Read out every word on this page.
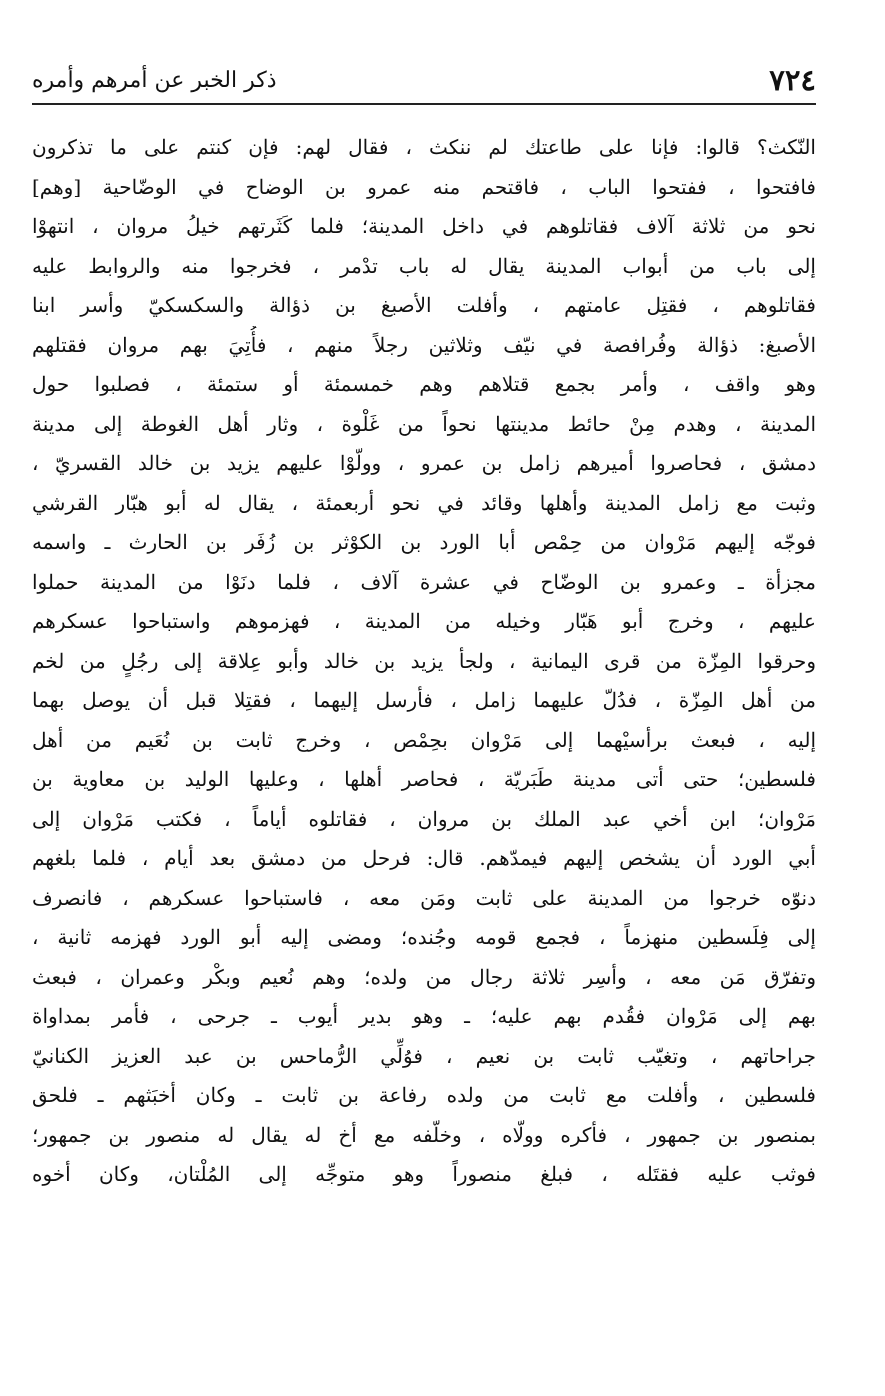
٧٢٤
ذكر الخبر عن أمرهم وأمره
النّكث؟ قالوا: فإنا على طاعتك لم ننكث ، فقال لهم: فإن كنتم على ما تذكرون
فافتحوا ، ففتحوا الباب ، فاقتحم منه عمرو بن الوضاح في الوضّاحية [وهم]
نحو من ثلاثة آلاف فقاتلوهم في داخل المدينة؛ فلما كَثَرتهم خيلُ مروان ، انتهوْا
إلى باب من أبواب المدينة يقال له باب تدْمر ، فخرجوا منه والروابط عليه
فقاتلوهم ، فقتِل عامتهم ، وأفلت الأصبغ بن ذؤالة والسكسكيّ وأسر ابنا
الأصبغ: ذؤالة وفُرافصة في نيّف وثلاثين رجلاً منهم ، فأُتِيَ بهم مروان فقتلهم
وهو واقف ، وأمر بجمع قتلاهم وهم خمسمئة أو ستمئة ، فصلبوا حول
المدينة ، وهدم مِنْ حائط مدينتها نحواً من غَلْوة ، وثار أهل الغوطة إلى مدينة
دمشق ، فحاصروا أميرهم زامل بن عمرو ، وولّوْا عليهم يزيد بن خالد القسريّ ،
وثبت مع زامل المدينة وأهلها وقائد في نحو أربعمئة ، يقال له أبو هبّار القرشي
فوجّه إليهم مَرْوان من حِمْص أبا الورد بن الكوْثر بن زُفَر بن الحارث ـ واسمه
مجزأة ـ وعمرو بن الوضّاح في عشرة آلاف ، فلما دنَوْا من المدينة حملوا
عليهم ، وخرج أبو هَبّار وخيله من المدينة ، فهزموهم واستباحوا عسكرهم
وحرقوا المِزّة من قرى اليمانية ، ولجأ يزيد بن خالد وأبو عِلاقة إلى رجُلٍ من لخم
من أهل المِزّة ، فدُلّ عليهما زامل ، فأرسل إليهما ، فقتِلا قبل أن يوصل بهما
إليه ، فبعث برأسيْهما إلى مَرْوان بحِمْص ، وخرج ثابت بن نُعَيم من أهل
فلسطين؛ حتى أتى مدينة طَبَريّة ، فحاصر أهلها ، وعليها الوليد بن معاوية بن
مَرْوان؛ ابن أخي عبد الملك بن مروان ، فقاتلوه أياماً ، فكتب مَرْوان إلى
أبي الورد أن يشخص إليهم فيمدّهم. قال: فرحل من دمشق بعد أيام ، فلما بلغهم
دنوّه خرجوا من المدينة على ثابت ومَن معه ، فاستباحوا عسكرهم ، فانصرف
إلى فِلَسطين منهزماً ، فجمع قومه وجُنده؛ ومضى إليه أبو الورد فهزمه ثانية ،
وتفرّق مَن معه ، وأسِر ثلاثة رجال من ولده؛ وهم نُعيم وبكْر وعمران ، فبعث
بهم إلى مَرْوان فقُدم بهم عليه؛ ـ وهو بدير أيوب ـ جرحى ، فأمر بمداواة
جراحاتهم ، وتغيّب ثابت بن نعيم ، فوُلِّي الرُّماحس بن عبد العزيز الكنانيّ
فلسطين ، وأفلت مع ثابت من ولده رفاعة بن ثابت ـ وكان أخبَثهم ـ فلحق
بمنصور بن جمهور ، فأكره وولّاه ، وخلّفه مع أخ له يقال له منصور بن جمهور؛
فوثب عليه فقتَله ، فبلغ منصوراً وهو متوجِّه إلى المُلْتان، وكان أخوه
